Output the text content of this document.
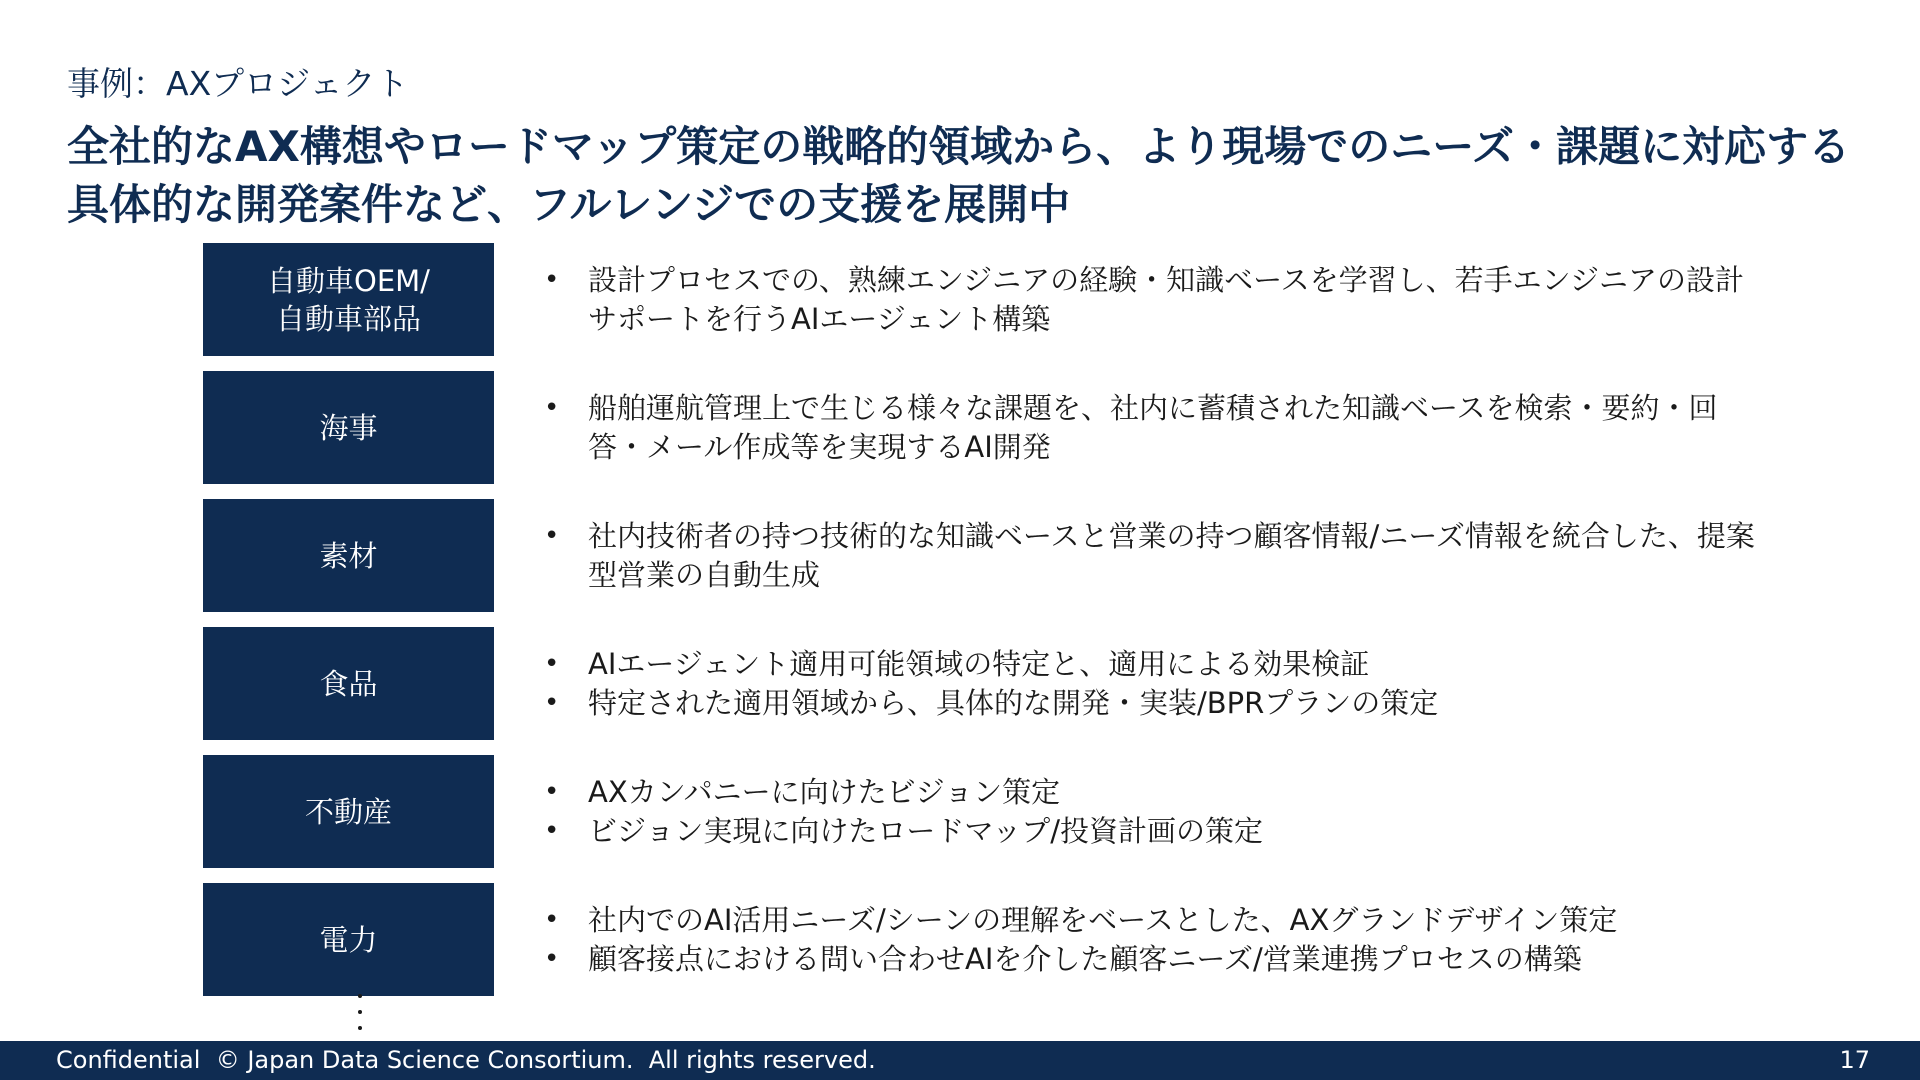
事例：AXプロジェクト
全社的なAX構想やロードマップ策定の戦略的領域から、より現場でのニーズ・課題に対応する具体的な開発案件など、フルレンジでの支援を展開中
自動車OEM/
自動車部品
• 設計プロセスでの、熟練エンジニアの経験・知識ベースを学習し、若手エンジニアの設計サポートを行うAIエージェント構築
海事
• 船舶運航管理上で生じる様々な課題を、社内に蓄積された知識ベースを検索・要約・回答・メール作成等を実現するAI開発
素材
• 社内技術者の持つ技術的な知識ベースと営業の持つ顧客情報/ニーズ情報を統合した、提案型営業の自動生成
食品
• AIエージェント適用可能領域の特定と、適用による効果検証
• 特定された適用領域から、具体的な開発・実装/BPRプランの策定
不動産
• AXカンパニーに向けたビジョン策定
• ビジョン実現に向けたロードマップ/投資計画の策定
電力
• 社内でのAI活用ニーズ/シーンの理解をベースとした、AXグランドデザイン策定
• 顧客接点における問い合わせAIを介した顧客ニーズ/営業連携プロセスの構築
Confidential  © Japan Data Science Consortium.  All rights reserved.	17
